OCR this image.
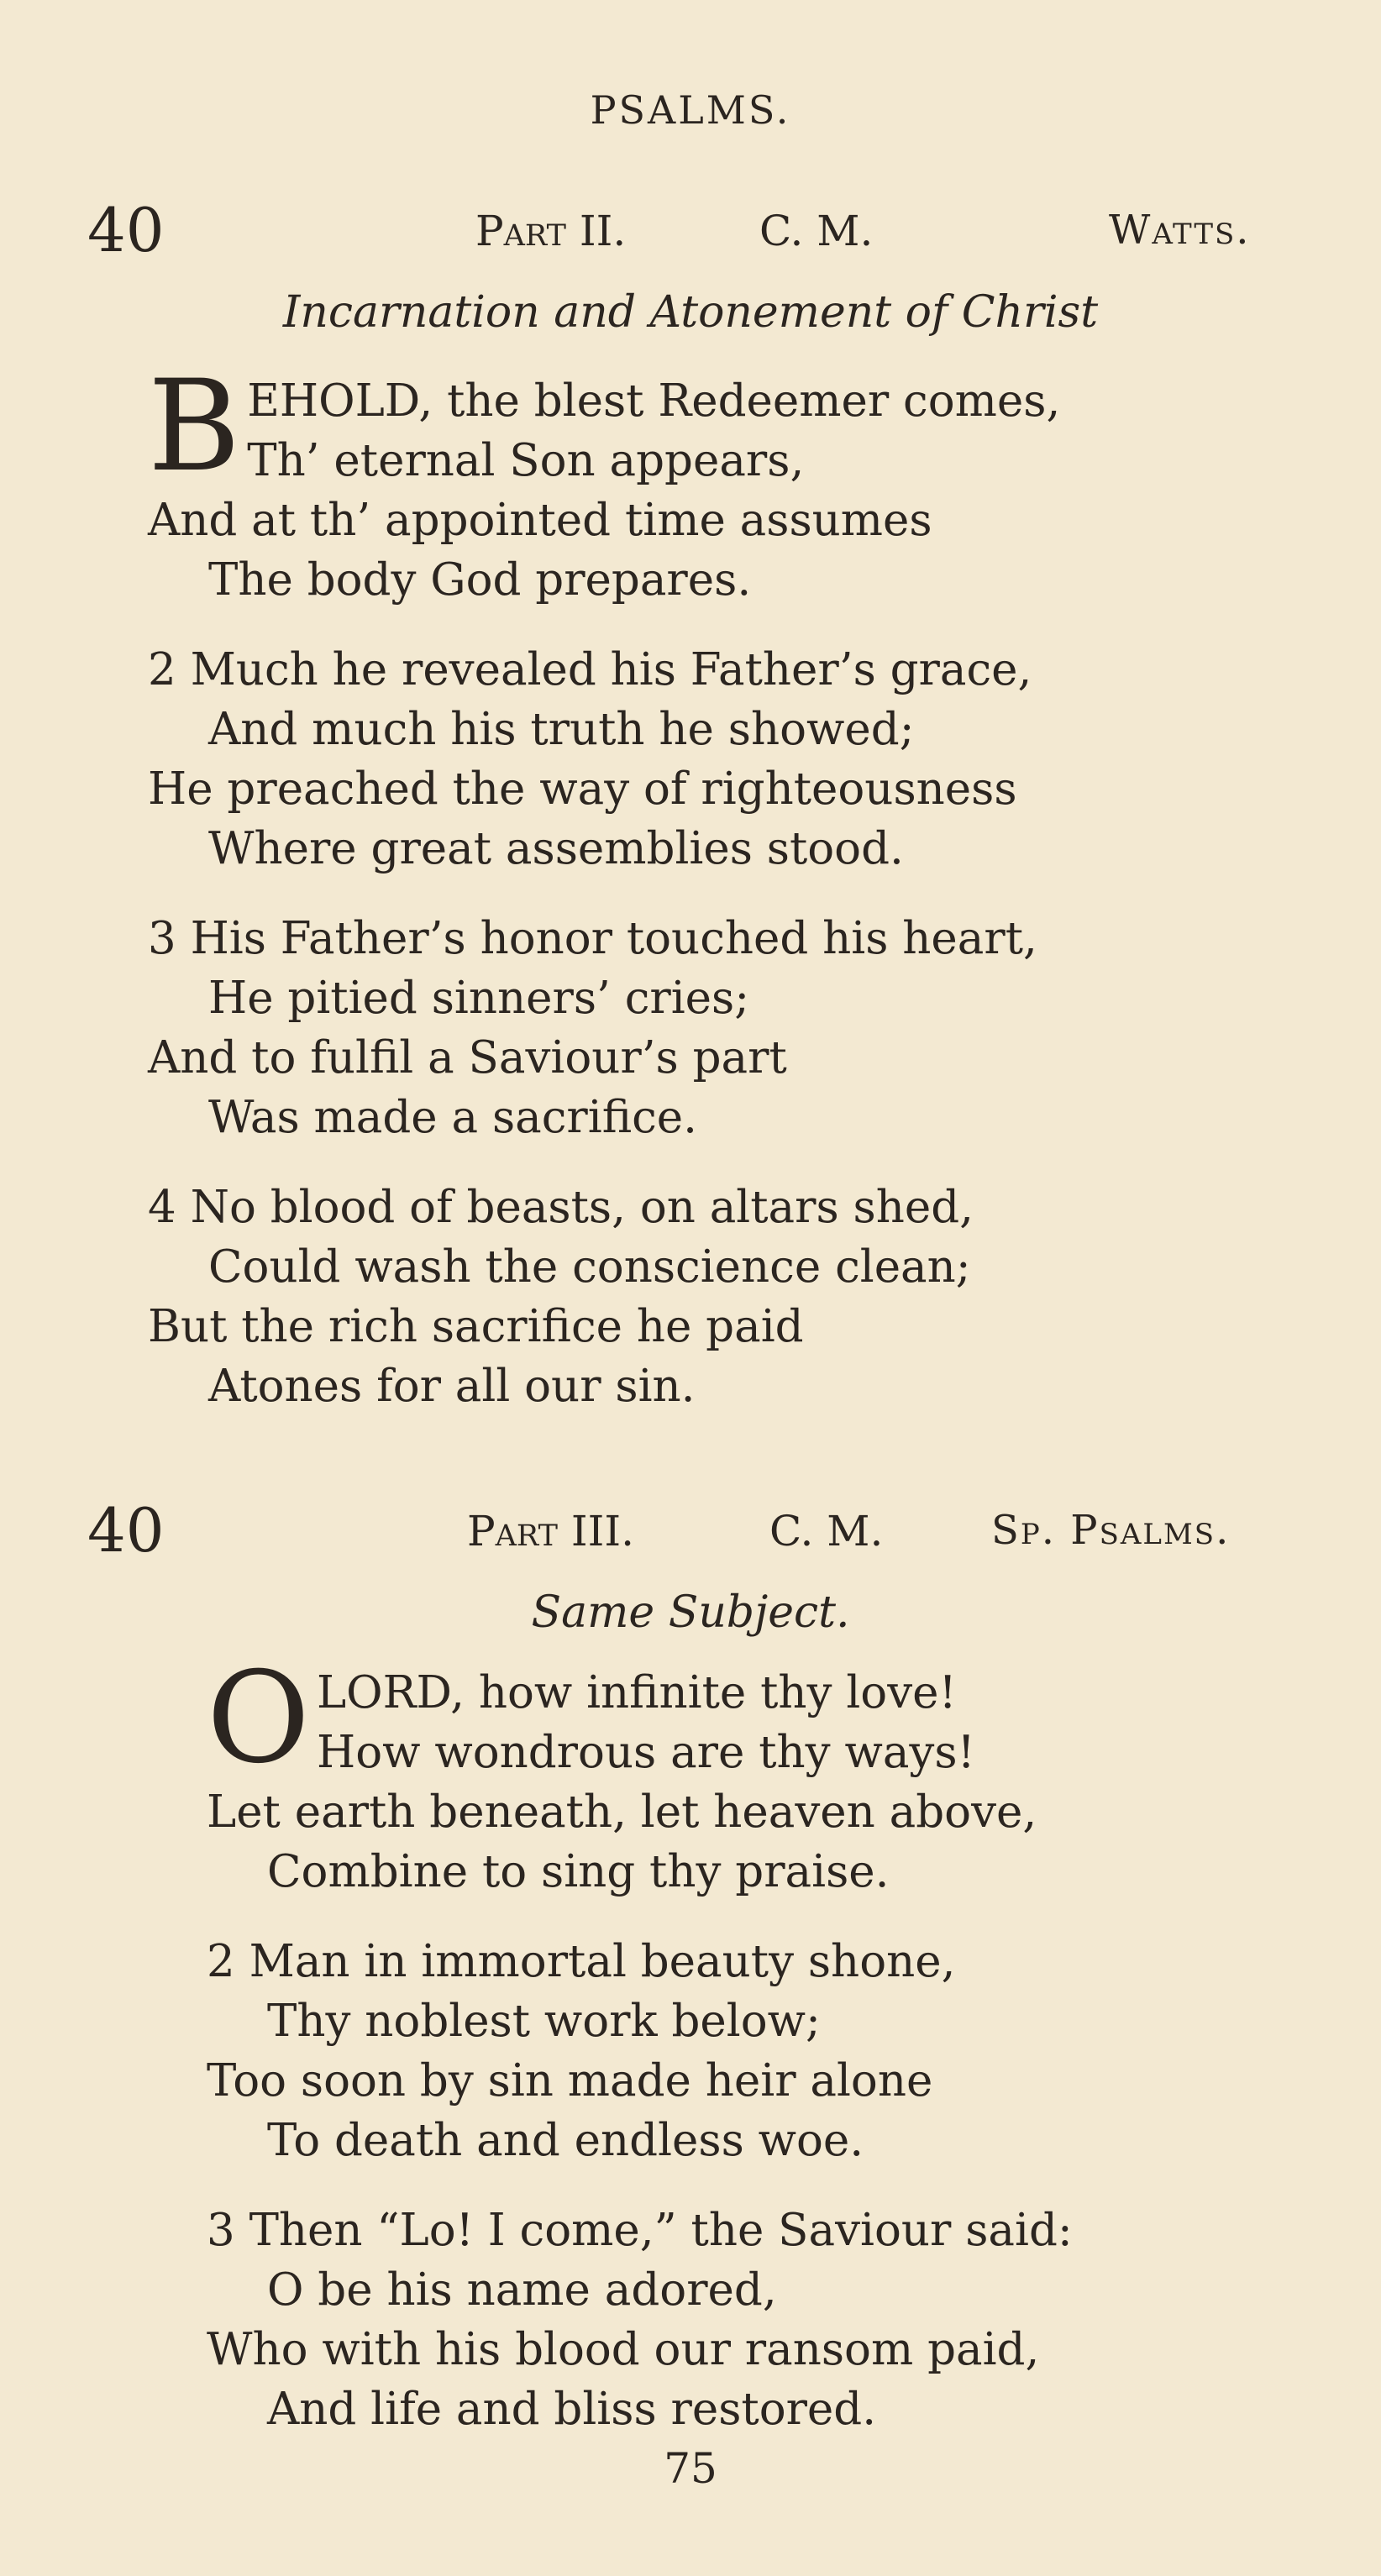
PSALMS.
40	Part II.	C. M.	Watts.
Incarnation and Atonement of Christ
B EHOLD, the blest Redeemer comes,
Th’ eternal Son appears,
And at th’ appointed time assumes
The body God prepares.
2 Much he revealed his Father’s grace,
And much his truth he showed;
He preached the way of righteousness
Where great assemblies stood.
3 His Father’s honor touched his heart,
He pitied sinners’ cries;
And to fulfil a Saviour’s part
Was made a sacrifice.
4 No blood of beasts, on altars shed,
Could wash the conscience clean;
But the rich sacrifice he paid
Atones for all our sin.
40	Part III.	C. M.	Sp. Psalms.
Same Subject.
O LORD, how infinite thy love!
How wondrous are thy ways!
Let earth beneath, let heaven above,
Combine to sing thy praise.
2 Man in immortal beauty shone,
Thy noblest work below;
Too soon by sin made heir alone
To death and endless woe.
3 Then “Lo! I come,” the Saviour said:
O be his name adored,
Who with his blood our ransom paid,
And life and bliss restored.
75
